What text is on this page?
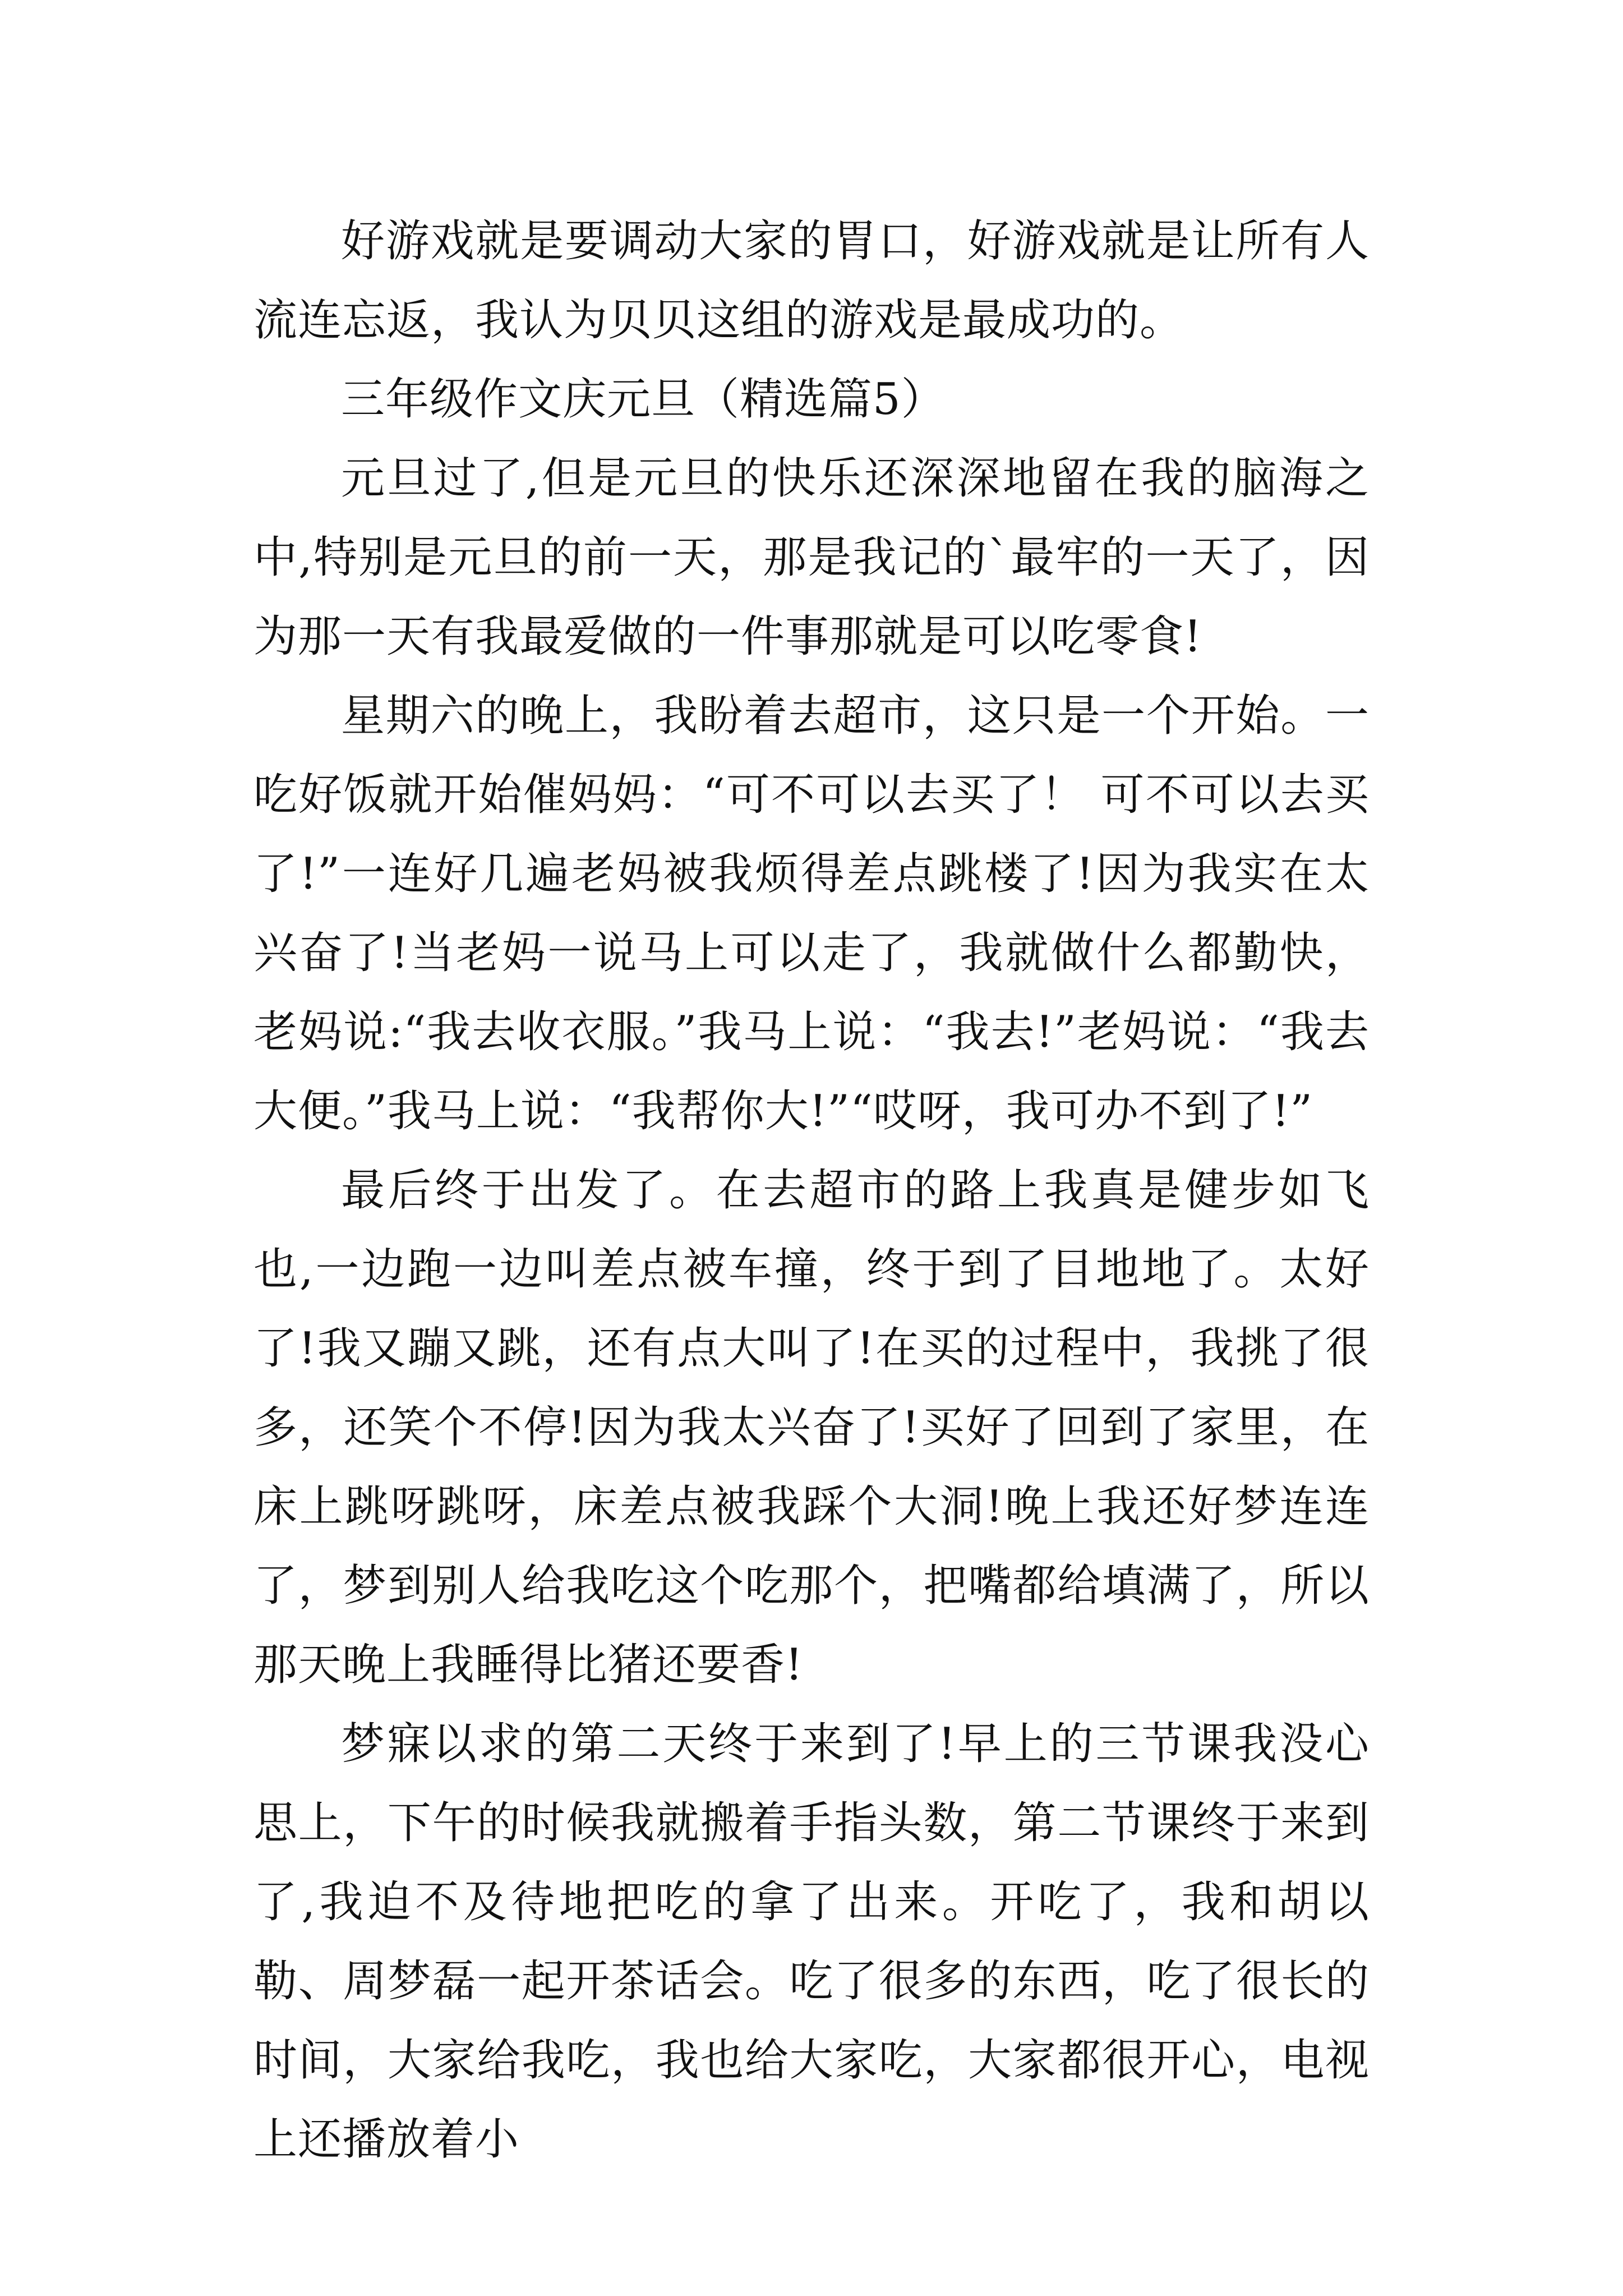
好游戏就是要调动大家的胃口，好游戏就是让所有人流连忘返，我认为贝贝这组的游戏是最成功的。

三年级作文庆元旦（精选篇5）

元旦过了,但是元旦的快乐还深深地留在我的脑海之中,特别是元旦的前一天，那是我记的`最牢的一天了，因为那一天有我最爱做的一件事那就是可以吃零食!

星期六的晚上，我盼着去超市，这只是一个开始。一吃好饭就开始催妈妈：“可不可以去买了！ 可不可以去买了!”一连好几遍老妈被我烦得差点跳楼了!因为我实在太兴奋了!当老妈一说马上可以走了，我就做什么都勤快，老妈说:“我去收衣服。”我马上说：“我去!”老妈说：“我去大便。”我马上说：“我帮你大!”“哎呀，我可办不到了!”

最后终于出发了。在去超市的路上我真是健步如飞也,一边跑一边叫差点被车撞，终于到了目地地了。太好了!我又蹦又跳，还有点大叫了!在买的过程中，我挑了很多，还笑个不停!因为我太兴奋了!买好了回到了家里，在床上跳呀跳呀，床差点被我踩个大洞!晚上我还好梦连连了，梦到别人给我吃这个吃那个，把嘴都给填满了，所以那天晚上我睡得比猪还要香!

梦寐以求的第二天终于来到了!早上的三节课我没心思上，下午的时候我就搬着手指头数，第二节课终于来到了,我迫不及待地把吃的拿了出来。开吃了，我和胡以勒、周梦磊一起开茶话会。吃了很多的东西，吃了很长的时间，大家给我吃，我也给大家吃，大家都很开心，电视上还播放着小
